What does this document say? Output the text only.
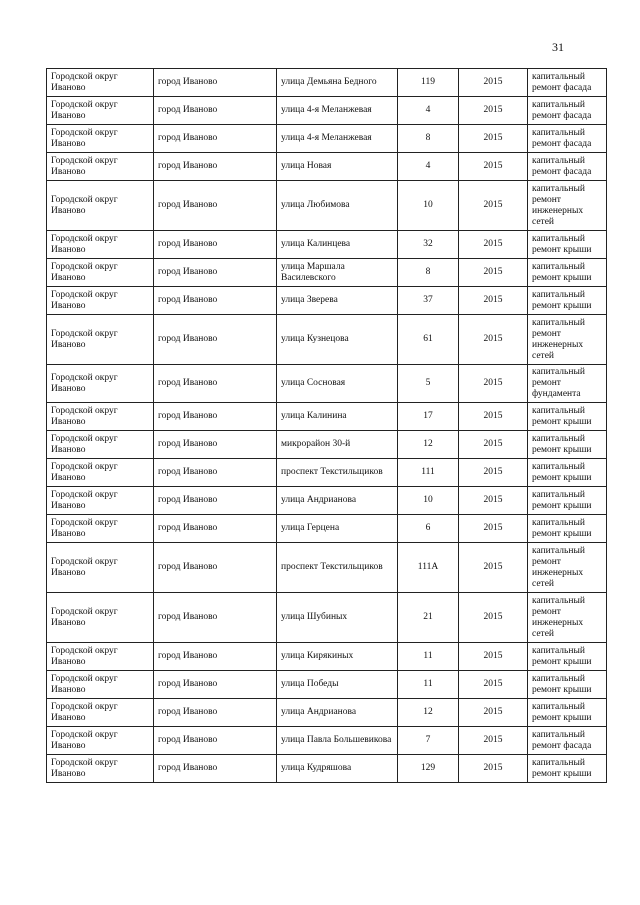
31
Городской округ Иваново	город Иваново	улица Демьяна Бедного	119	2015	капитальный ремонт фасада
Городской округ Иваново	город Иваново	улица 4-я Меланжевая	4	2015	капитальный ремонт фасада
Городской округ Иваново	город Иваново	улица 4-я Меланжевая	8	2015	капитальный ремонт фасада
Городской округ Иваново	город Иваново	улица Новая	4	2015	капитальный ремонт фасада
Городской округ Иваново	город Иваново	улица Любимова	10	2015	капитальный ремонт инженерных сетей
Городской округ Иваново	город Иваново	улица Калинцева	32	2015	капитальный ремонт крыши
Городской округ Иваново	город Иваново	улица Маршала Василевского	8	2015	капитальный ремонт крыши
Городской округ Иваново	город Иваново	улица Зверева	37	2015	капитальный ремонт крыши
Городской округ Иваново	город Иваново	улица Кузнецова	61	2015	капитальный ремонт инженерных сетей
Городской округ Иваново	город Иваново	улица Сосновая	5	2015	капитальный ремонт фундамента
Городской округ Иваново	город Иваново	улица Калинина	17	2015	капитальный ремонт крыши
Городской округ Иваново	город Иваново	микрорайон 30-й	12	2015	капитальный ремонт крыши
Городской округ Иваново	город Иваново	проспект Текстильщиков	111	2015	капитальный ремонт крыши
Городской округ Иваново	город Иваново	улица Андрианова	10	2015	капитальный ремонт крыши
Городской округ Иваново	город Иваново	улица Герцена	6	2015	капитальный ремонт крыши
Городской округ Иваново	город Иваново	проспект Текстильщиков	111А	2015	капитальный ремонт инженерных сетей
Городской округ Иваново	город Иваново	улица Шубиных	21	2015	капитальный ремонт инженерных сетей
Городской округ Иваново	город Иваново	улица Кирякиных	11	2015	капитальный ремонт крыши
Городской округ Иваново	город Иваново	улица Победы	11	2015	капитальный ремонт крыши
Городской округ Иваново	город Иваново	улица Андрианова	12	2015	капитальный ремонт крыши
Городской округ Иваново	город Иваново	улица Павла Большевикова	7	2015	капитальный ремонт фасада
Городской округ Иваново	город Иваново	улица Кудряшова	129	2015	капитальный ремонт крыши
